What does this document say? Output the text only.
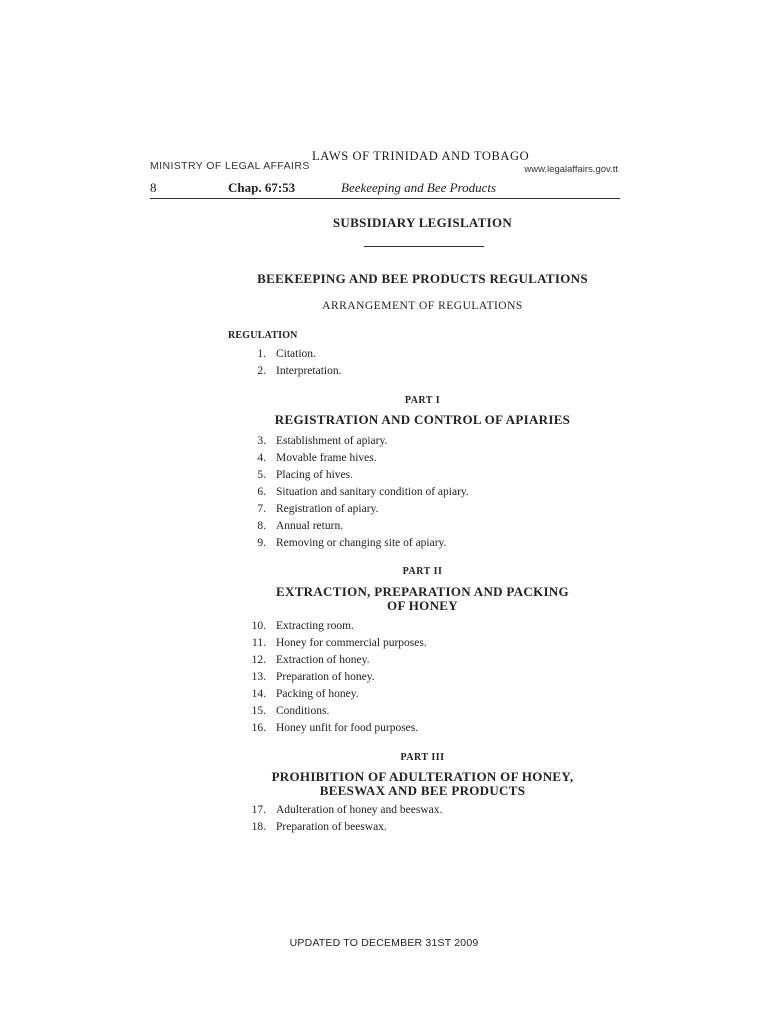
LAWS OF TRINIDAD AND TOBAGO
MINISTRY OF LEGAL AFFAIRS	www.legalaffairs.gov.tt
8	Chap. 67:53	Beekeeping and Bee Products
SUBSIDIARY LEGISLATION
BEEKEEPING AND BEE PRODUCTS REGULATIONS
ARRANGEMENT OF REGULATIONS
REGULATION
1. Citation.
2. Interpretation.
PART I
REGISTRATION AND CONTROL OF APIARIES
3. Establishment of apiary.
4. Movable frame hives.
5. Placing of hives.
6. Situation and sanitary condition of apiary.
7. Registration of apiary.
8. Annual return.
9. Removing or changing site of apiary.
PART II
EXTRACTION, PREPARATION AND PACKING
OF HONEY
10. Extracting room.
11. Honey for commercial purposes.
12. Extraction of honey.
13. Preparation of honey.
14. Packing of honey.
15. Conditions.
16. Honey unfit for food purposes.
PART III
PROHIBITION OF ADULTERATION OF HONEY,
BEESWAX AND BEE PRODUCTS
17. Adulteration of honey and beeswax.
18. Preparation of beeswax.
UPDATED TO DECEMBER 31ST 2009
